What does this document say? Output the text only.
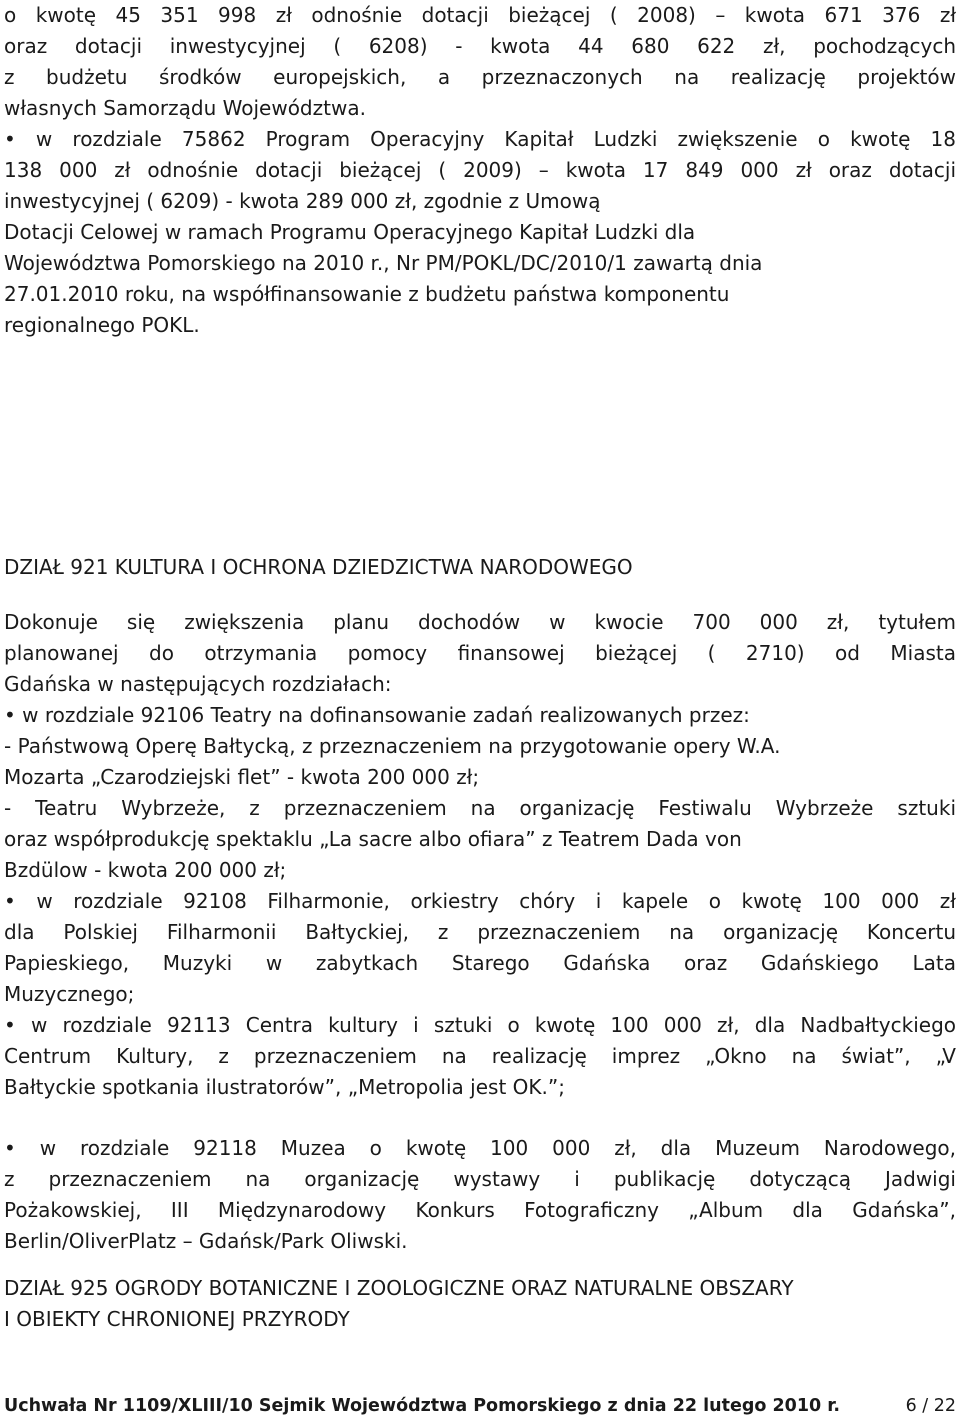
o kwotę 45 351 998 zł odnośnie dotacji bieżącej ( 2008) – kwota 671 376 zł
oraz dotacji inwestycyjnej ( 6208) - kwota 44 680 622 zł, pochodzących
z budżetu środków europejskich, a przeznaczonych na realizację projektów
własnych Samorządu Województwa.
• w rozdziale 75862 Program Operacyjny Kapitał Ludzki zwiększenie o kwotę 18
138 000 zł odnośnie dotacji bieżącej ( 2009) – kwota 17 849 000 zł oraz dotacji
inwestycyjnej ( 6209) - kwota 289 000 zł, zgodnie z Umową
Dotacji Celowej w ramach Programu Operacyjnego Kapitał Ludzki dla
Województwa Pomorskiego na 2010 r., Nr PM/POKL/DC/2010/1 zawartą dnia
27.01.2010 roku, na współfinansowanie z budżetu państwa komponentu
regionalnego POKL.
DZIAŁ 921 KULTURA I OCHRONA DZIEDZICTWA NARODOWEGO
Dokonuje się zwiększenia planu dochodów w kwocie 700 000 zł, tytułem
planowanej do otrzymania pomocy finansowej bieżącej ( 2710) od Miasta
Gdańska w następujących rozdziałach:
• w rozdziale 92106 Teatry na dofinansowanie zadań realizowanych przez:
- Państwową Operę Bałtycką, z przeznaczeniem na przygotowanie opery W.A.
Mozarta „Czarodziejski flet” - kwota 200 000 zł;
- Teatru Wybrzeże, z przeznaczeniem na organizację Festiwalu Wybrzeże sztuki
oraz współprodukcję spektaklu „La sacre albo ofiara” z Teatrem Dada von
Bzdülow - kwota 200 000 zł;
• w rozdziale 92108 Filharmonie, orkiestry chóry i kapele o kwotę 100 000 zł
dla Polskiej Filharmonii Bałtyckiej, z przeznaczeniem na organizację Koncertu
Papieskiego, Muzyki w zabytkach Starego Gdańska oraz Gdańskiego Lata
Muzycznego;
• w rozdziale 92113 Centra kultury i sztuki o kwotę 100 000 zł, dla Nadbałtyckiego
Centrum Kultury, z przeznaczeniem na realizację imprez „Okno na świat”, „V
Bałtyckie spotkania ilustratorów”, „Metropolia jest OK.”;
• w rozdziale 92118 Muzea o kwotę 100 000 zł, dla Muzeum Narodowego,
z przeznaczeniem na organizację wystawy i publikację dotyczącą Jadwigi
Pożakowskiej, III Międzynarodowy Konkurs Fotograficzny „Album dla Gdańska”,
Berlin/OliverPlatz – Gdańsk/Park Oliwski.
DZIAŁ 925 OGRODY BOTANICZNE I ZOOLOGICZNE ORAZ NATURALNE OBSZARY
I OBIEKTY CHRONIONEJ PRZYRODY
Uchwała Nr 1109/XLIII/10 Sejmik Województwa Pomorskiego z dnia 22 lutego 2010 r.	6 / 22
